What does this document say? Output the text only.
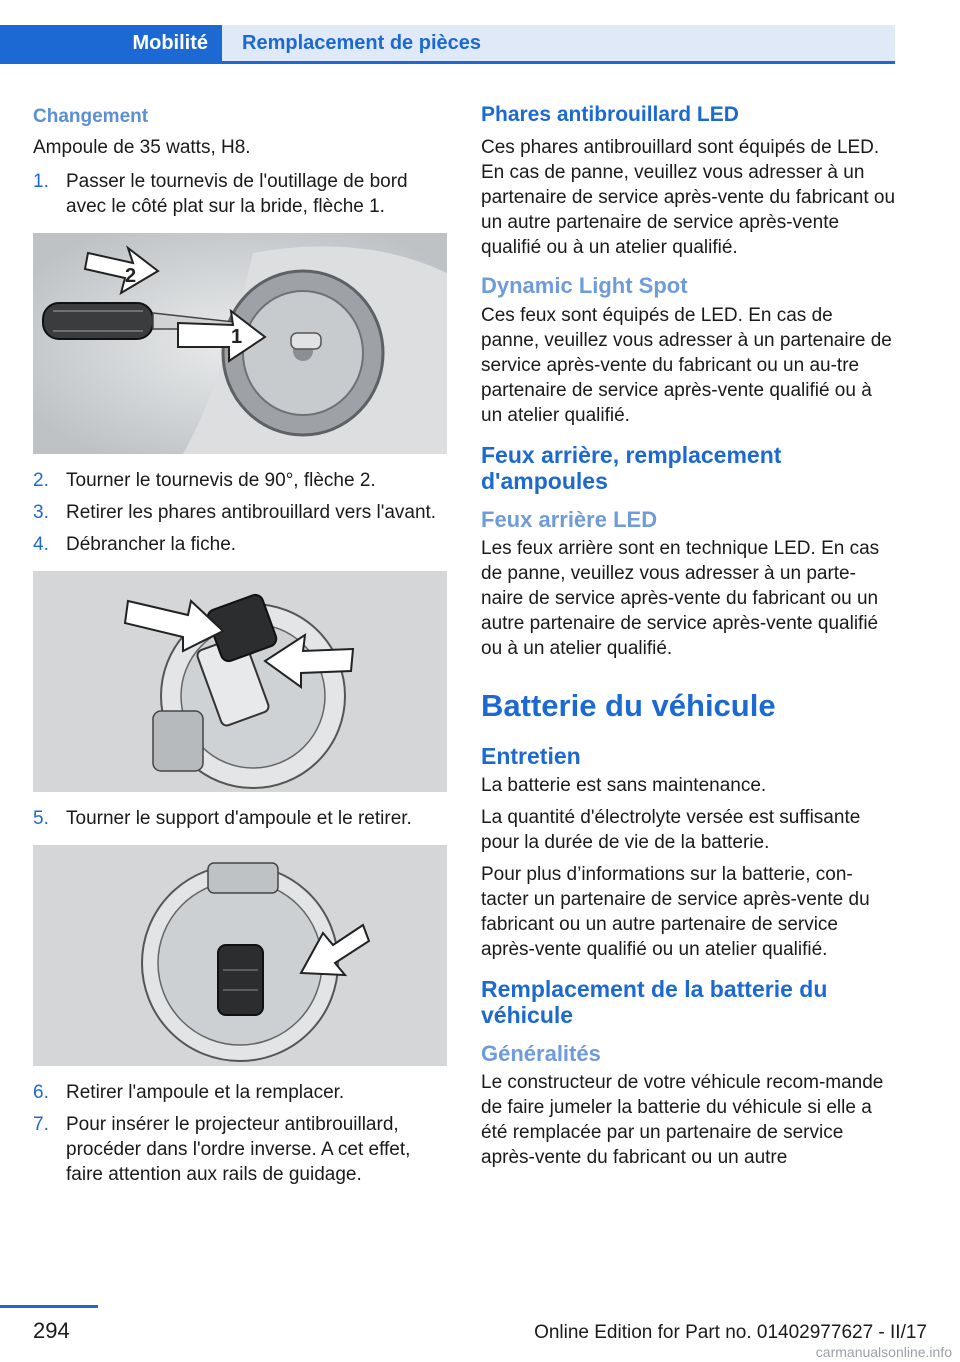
Mobilité	Remplacement de pièces
Changement

Ampoule de 35 watts, H8.

1. Passer le tournevis de l'outillage de bord avec le côté plat sur la bride, flèche 1.
2
1
2. Tourner le tournevis de 90°, flèche 2.
3. Retirer les phares antibrouillard vers l'avant.
4. Débrancher la fiche.
5. Tourner le support d'ampoule et le retirer.
6. Retirer l'ampoule et la remplacer.
7. Pour insérer le projecteur antibrouillard, procéder dans l'ordre inverse. A cet effet, faire attention aux rails de guidage.
Phares antibrouillard LED

Ces phares antibrouillard sont équipés de LED. En cas de panne, veuillez vous adresser à un partenaire de service après-vente du fabricant ou un autre partenaire de service après-vente qualifié ou à un atelier qualifié.

Dynamic Light Spot

Ces feux sont équipés de LED. En cas de panne, veuillez vous adresser à un partenaire de service après-vente du fabricant ou un au-tre partenaire de service après-vente qualifié ou à un atelier qualifié.

Feux arrière, remplacement
d'ampoules
Feux arrière LED

Les feux arrière sont en technique LED. En cas de panne, veuillez vous adresser à un parte-naire de service après-vente du fabricant ou un autre partenaire de service après-vente qualifié ou à un atelier qualifié.

Batterie du véhicule
Entretien

La batterie est sans maintenance.

La quantité d'électrolyte versée est suffisante pour la durée de vie de la batterie.

Pour plus d’informations sur la batterie, con-tacter un partenaire de service après-vente du fabricant ou un autre partenaire de service après-vente qualifié ou un atelier qualifié.

Remplacement de la batterie du
véhicule
Généralités

Le constructeur de votre véhicule recom-mande de faire jumeler la batterie du véhicule si elle a été remplacée par un partenaire de service après-vente du fabricant ou un autre

294	Online Edition for Part no. 01402977627 - II/17
carmanualsonline.info
